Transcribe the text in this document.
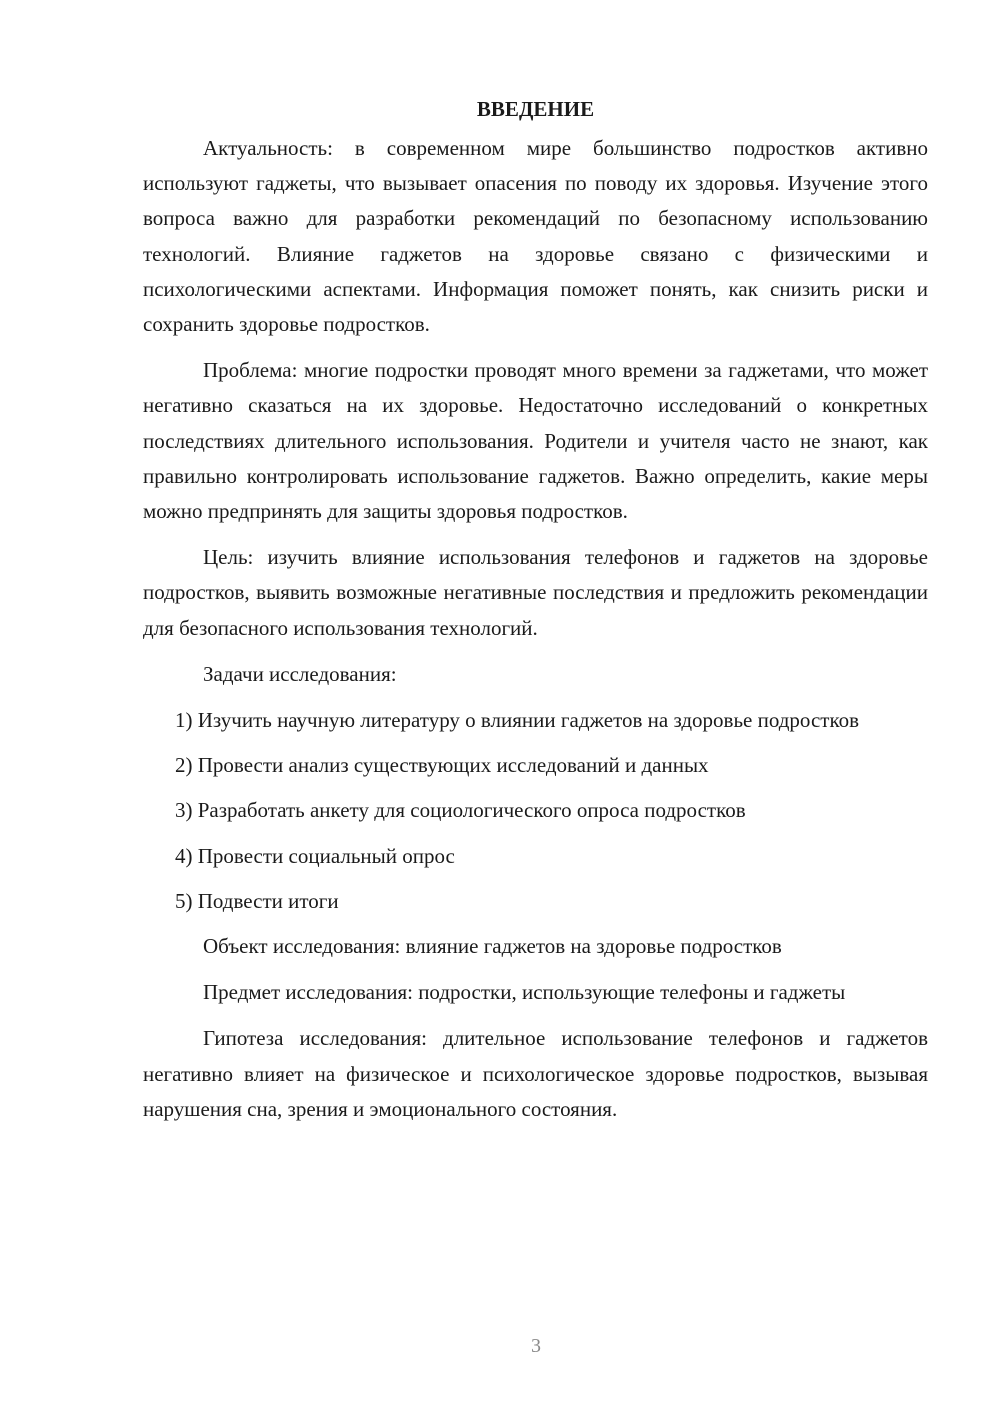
ВВЕДЕНИЕ

Актуальность: в современном мире большинство подростков активно используют гаджеты, что вызывает опасения по поводу их здоровья. Изучение этого вопроса важно для разработки рекомендаций по безопасному использованию технологий. Влияние гаджетов на здоровье связано с физическими и психологическими аспектами. Информация поможет понять, как снизить риски и сохранить здоровье подростков.

Проблема: многие подростки проводят много времени за гаджетами, что может негативно сказаться на их здоровье. Недостаточно исследований о конкретных последствиях длительного использования. Родители и учителя часто не знают, как правильно контролировать использование гаджетов. Важно определить, какие меры можно предпринять для защиты здоровья подростков.

Цель: изучить влияние использования телефонов и гаджетов на здоровье подростков, выявить возможные негативные последствия и предложить рекомендации для безопасного использования технологий.

Задачи исследования:

1) Изучить научную литературу о влиянии гаджетов на здоровье подростков

2) Провести анализ существующих исследований и данных

3) Разработать анкету для социологического опроса подростков

4) Провести социальный опрос

5) Подвести итоги

Объект исследования: влияние гаджетов на здоровье подростков

Предмет исследования: подростки, использующие телефоны и гаджеты

Гипотеза исследования: длительное использование телефонов и гаджетов негативно влияет на физическое и психологическое здоровье подростков, вызывая нарушения сна, зрения и эмоционального состояния.

3
